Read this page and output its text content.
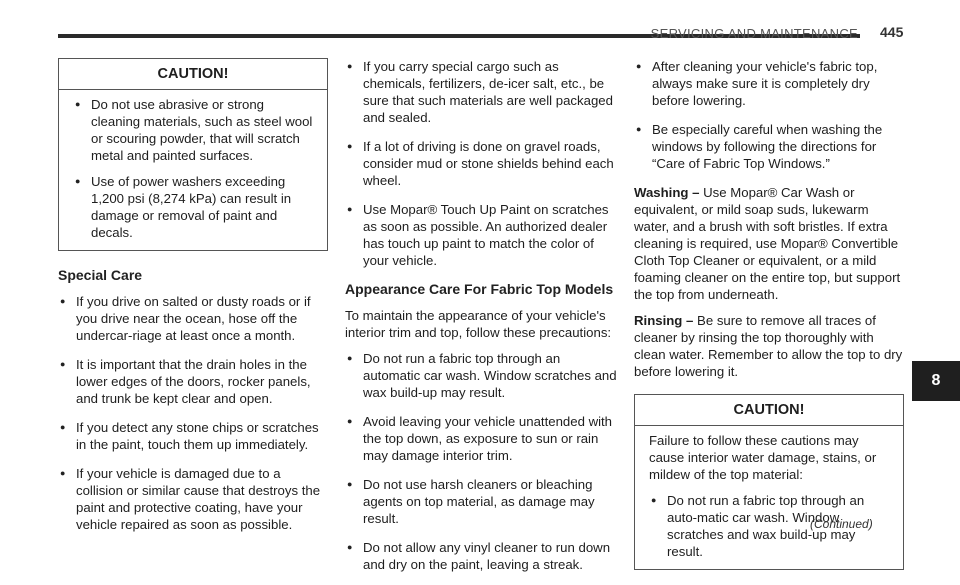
SERVICING AND MAINTENANCE 445
CAUTION!
● Do not use abrasive or strong cleaning materials, such as steel wool or scouring powder, that will scratch metal and painted surfaces.
● Use of power washers exceeding 1,200 psi (8,274 kPa) can result in damage or removal of paint and decals.
Special Care
● If you drive on salted or dusty roads or if you drive near the ocean, hose off the undercar-riage at least once a month.
● It is important that the drain holes in the lower edges of the doors, rocker panels, and trunk be kept clear and open.
● If you detect any stone chips or scratches in the paint, touch them up immediately.
● If your vehicle is damaged due to a collision or similar cause that destroys the paint and protective coating, have your vehicle repaired as soon as possible.
● If you carry special cargo such as chemicals, fertilizers, de-icer salt, etc., be sure that such materials are well packaged and sealed.
● If a lot of driving is done on gravel roads, consider mud or stone shields behind each wheel.
● Use Mopar® Touch Up Paint on scratches as soon as possible. An authorized dealer has touch up paint to match the color of your vehicle.
Appearance Care For Fabric Top Models

To maintain the appearance of your vehicle's interior trim and top, follow these precautions:

● Do not run a fabric top through an automatic car wash. Window scratches and wax build-up may result.
● Avoid leaving your vehicle unattended with the top down, as exposure to sun or rain may damage interior trim.
● Do not use harsh cleaners or bleaching agents on top material, as damage may result.
● Do not allow any vinyl cleaner to run down and dry on the paint, leaving a streak.
● After cleaning your vehicle's fabric top, always make sure it is completely dry before lowering.
● Be especially careful when washing the windows by following the directions for “Care of Fabric Top Windows.”

Washing – Use Mopar® Car Wash or equivalent, or mild soap suds, lukewarm water, and a brush with soft bristles. If extra cleaning is required, use Mopar® Convertible Cloth Top Cleaner or equivalent, or a mild foaming cleaner on the entire top, but support the top from underneath.

Rinsing – Be sure to remove all traces of cleaner by rinsing the top thoroughly with clean water. Remember to allow the top to dry before lowering it.

CAUTION!

Failure to follow these cautions may cause interior water damage, stains, or mildew of the top material:

● Do not run a fabric top through an auto-matic car wash. Window scratches and wax build-up may result.
8
(Continued)
